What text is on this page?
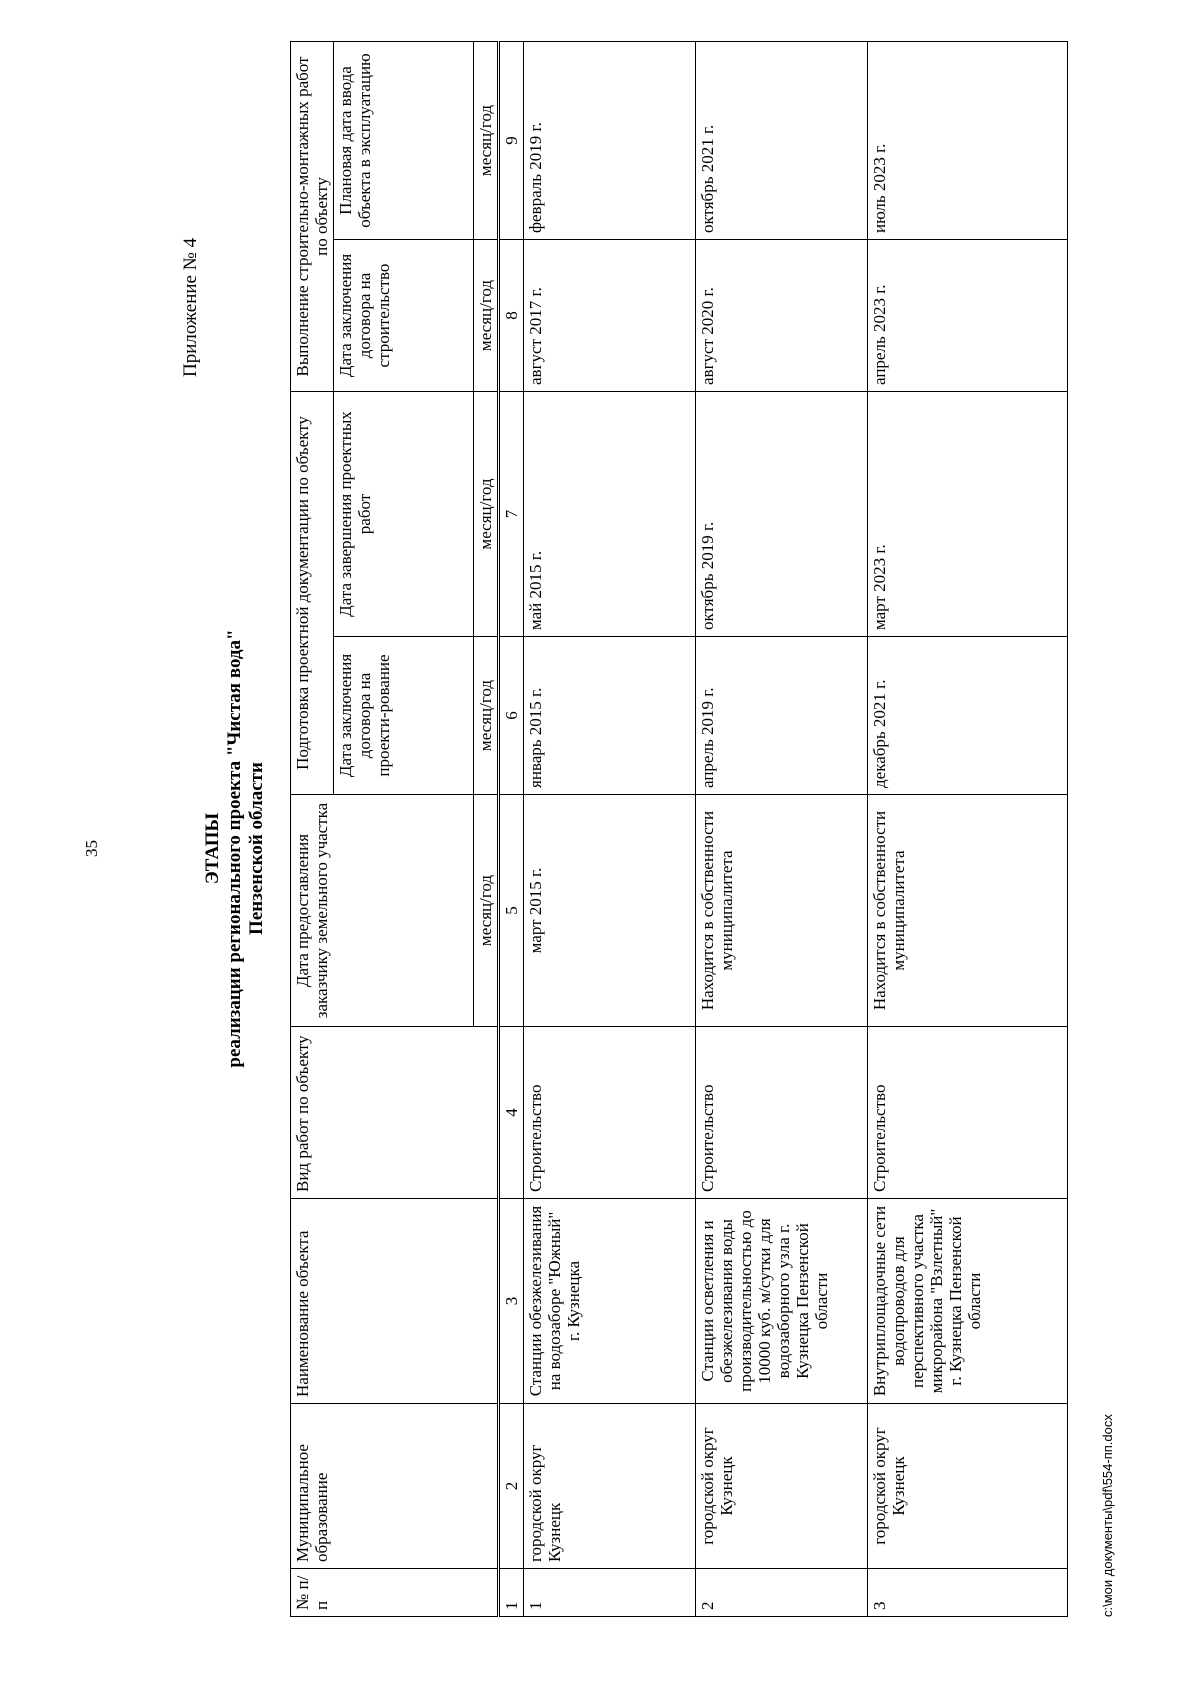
35
Приложение № 4
ЭТАПЫ реализации регионального проекта "Чистая вода" Пензенской области
№ п/п	Муниципальное образование	Наименование объекта	Вид работ по объекту	Дата предоставления заказчику земельного участка	Подготовка проектной документации по объекту		Выполнение строительно-монтажных работ по объекту	
					Дата заключения договора на проекти-рование	Дата завершения проектных работ	Дата заключения договора на строительство	Плановая дата ввода объекта в эксплуатацию
				месяц/год	месяц/год	месяц/год	месяц/год	месяц/год
1	2	3	4	5	6	7	8	9
1	городской округ Кузнецк	Станции обезжелезивания на водозаборе "Южный" г. Кузнецка	Строительство	март 2015 г.	январь 2015 г.	май 2015 г.	август 2017 г.	февраль 2019 г.
2	городской округ Кузнецк	Станции осветления и обезжелезивания воды производительностью до 10000 куб. м/сутки для водозаборного узла г. Кузнецка Пензенской области	Строительство	Находится в собственности муниципалитета	апрель 2019 г.	октябрь 2019 г.	август 2020 г.	октябрь 2021 г.
3	городской округ Кузнецк	Внутриплощадочные сети водопроводов для перспективного участка микрорайона "Взлетный" г. Кузнецка Пензенской области	Строительство	Находится в собственности муниципалитета	декабрь 2021 г.	март 2023 г.	апрель 2023 г.	июль 2023 г.
c:\мои документы\pdf\554-пп.docx
